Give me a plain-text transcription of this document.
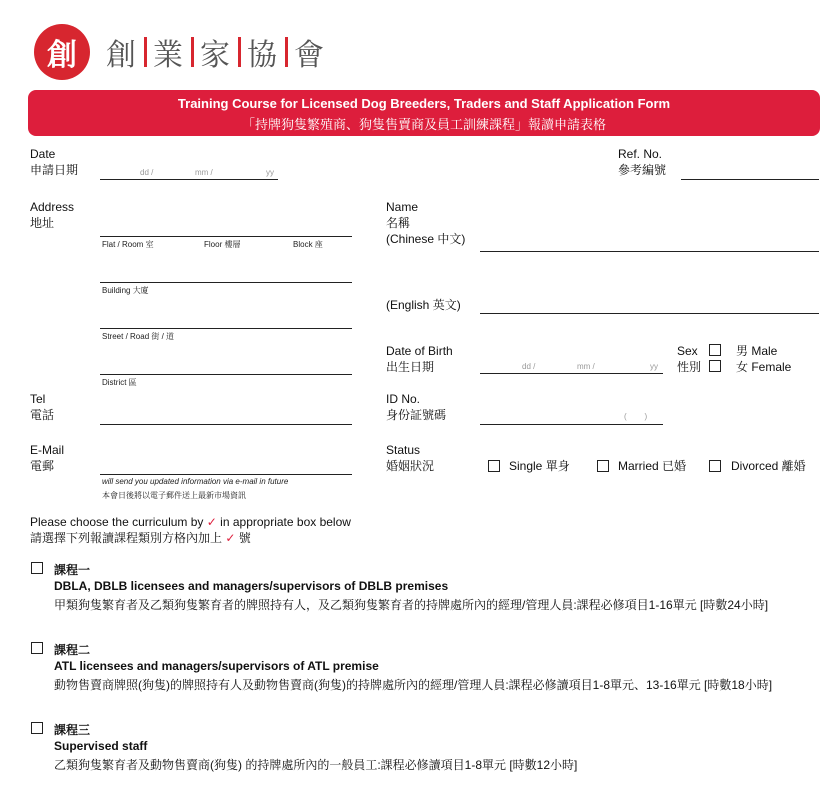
創 創 業 家 協 會
Training Course for Licensed Dog Breeders, Traders and Staff Application Form
「持牌狗隻繁殖商、狗隻售賣商及員工訓練課程」報讀申請表格
Date
申請日期	dd /	mm /	yy
Ref. No.
參考編號
Address
地址
Flat / Room 室	Floor 樓層	Block 座
Building 大廈
Street / Road 街 / 道
District 區
Tel
電話
E-Mail
電郵
will send you updated information via e-mail in future
本會日後將以電子郵件送上最新市場資訊
Name
名稱
(Chinese 中文)
(English 英文)
Date of Birth
出生日期	dd /	mm /	yy
Sex
性別
男 Male
女 Female
ID No.
身份証號碼	(        )
Status
婚姻狀況	Single 單身	Married 已婚	Divorced 離婚
Please choose the curriculum by ✓ in appropriate box below
請選擇下列報讀課程類別方格內加上 ✓ 號
課程一
DBLA, DBLB licensees and managers/supervisors of DBLB premises
甲類狗隻繁育者及乙類狗隻繁育者的牌照持有人，及乙類狗隻繁育者的持牌處所內的經理/管理人員:課程必修項目1-16單元 [時數24小時]
課程二
ATL licensees and managers/supervisors of ATL premise
動物售賣商牌照(狗隻)的牌照持有人及動物售賣商(狗隻)的持牌處所內的經理/管理人員:課程必修讀項目1-8單元、13-16單元 [時數18小時]
課程三
Supervised staff
乙類狗隻繁育者及動物售賣商(狗隻) 的持牌處所內的一般員工:課程必修讀項目1-8單元 [時數12小時]
